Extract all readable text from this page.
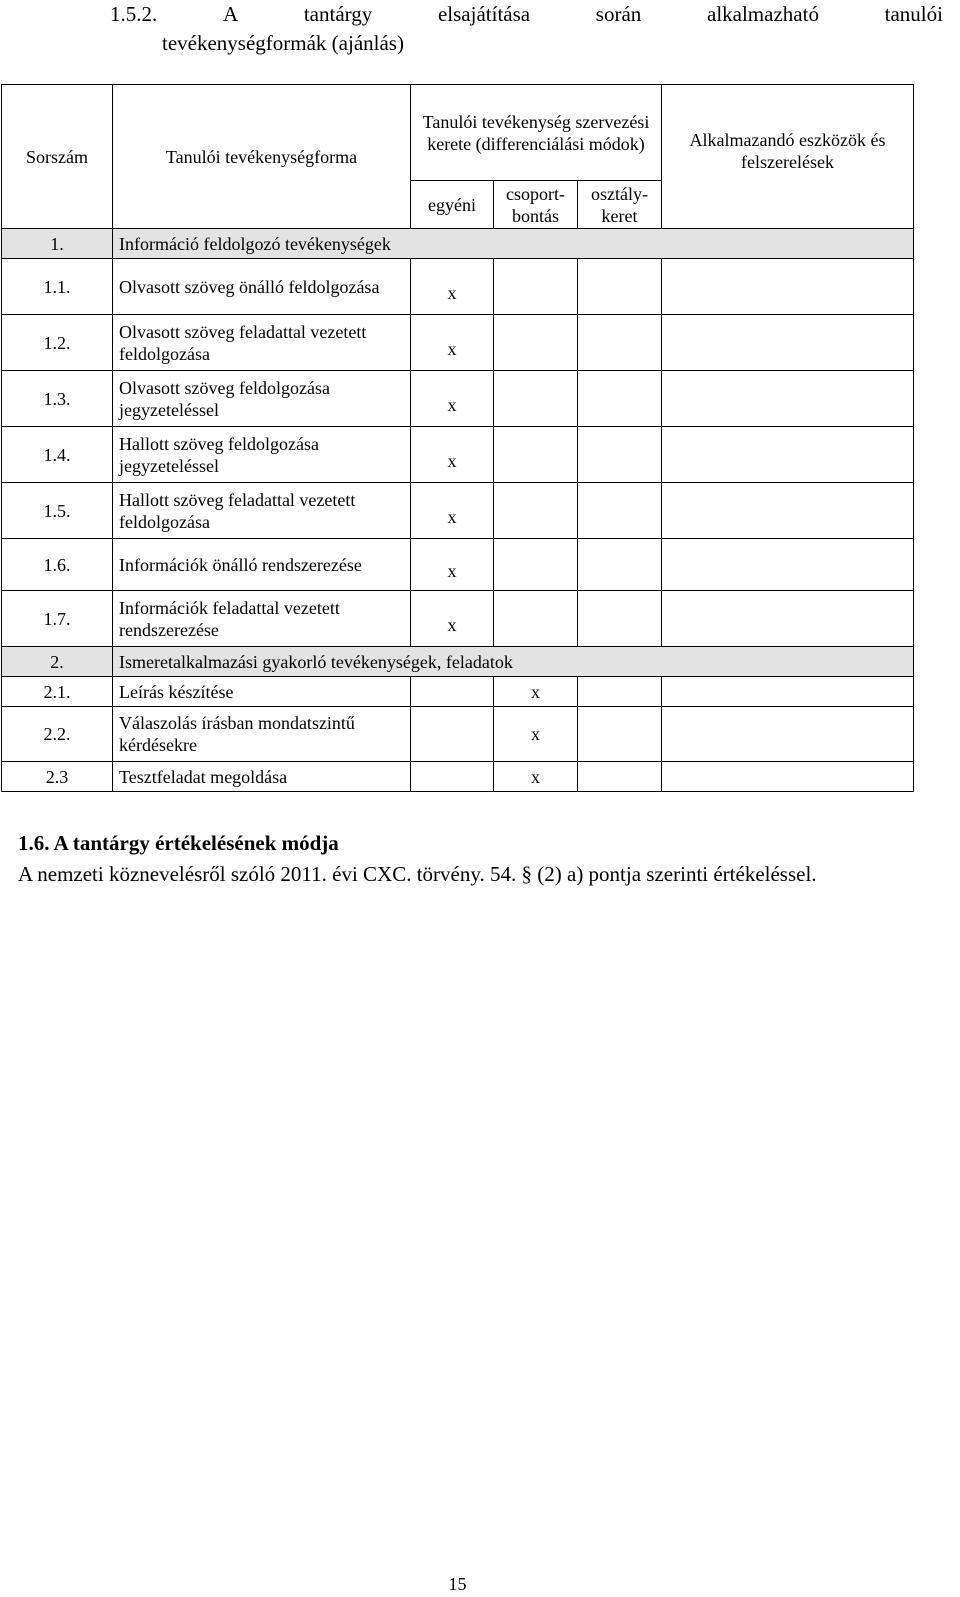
1.5.2.	A	tantárgy	elsajátítása	során	alkalmazható	tanulói
tevékenységformák (ajánlás)
Sorszám	Tanulói tevékenységforma	Tanulói tevékenység szervezési kerete (differenciálási módok)			Alkalmazandó eszközök és felszerelések
		egyéni	csoport-bontás	osztály-keret	
1.	Információ feldolgozó tevékenységek				
1.1.	Olvasott szöveg önálló feldolgozása	x			
1.2.	Olvasott szöveg feladattal vezetett feldolgozása	x			
1.3.	Olvasott szöveg feldolgozása jegyzeteléssel	x			
1.4.	Hallott szöveg feldolgozása jegyzeteléssel	x			
1.5.	Hallott szöveg feladattal vezetett feldolgozása	x			
1.6.	Információk önálló rendszerezése	x			
1.7.	Információk feladattal vezetett rendszerezése	x			
2.	Ismeretalkalmazási gyakorló tevékenységek, feladatok				
2.1.	Leírás készítése		x		
2.2.	Válaszolás írásban mondatszintű kérdésekre		x		
2.3	Tesztfeladat megoldása		x		
1.6. A tantárgy értékelésének módja
A nemzeti köznevelésről szóló 2011. évi CXC. törvény. 54. § (2) a) pontja szerinti értékeléssel.
15
